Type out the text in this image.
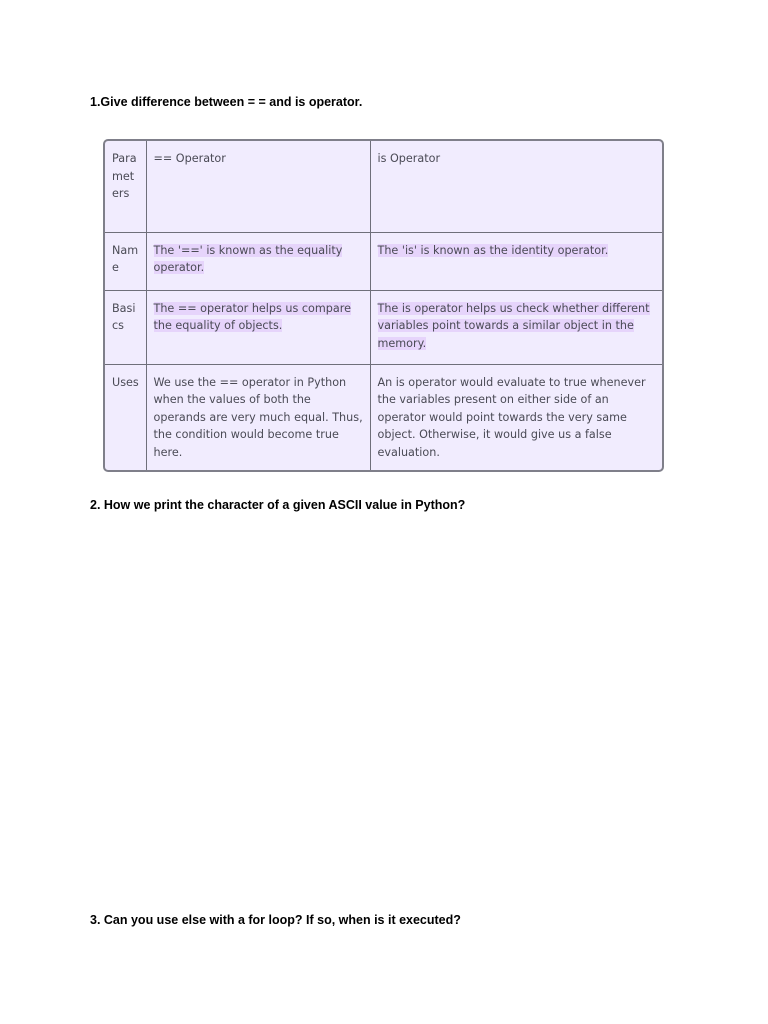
1.Give difference between = = and is operator.

Parameters	== Operator	is Operator
Name	The '==' is known as the equality operator.	The 'is' is known as the identity operator.
Basics	The == operator helps us compare the equality of objects.	The is operator helps us check whether different variables point towards a similar object in the memory.
Uses	We use the == operator in Python when the values of both the operands are very much equal. Thus, the condition would become true here.	An is operator would evaluate to true whenever the variables present on either side of an operator would point towards the very same object. Otherwise, it would give us a false evaluation.

2. How we print the character of a given ASCII value in Python?

3. Can you use else with a for loop? If so, when is it executed?
